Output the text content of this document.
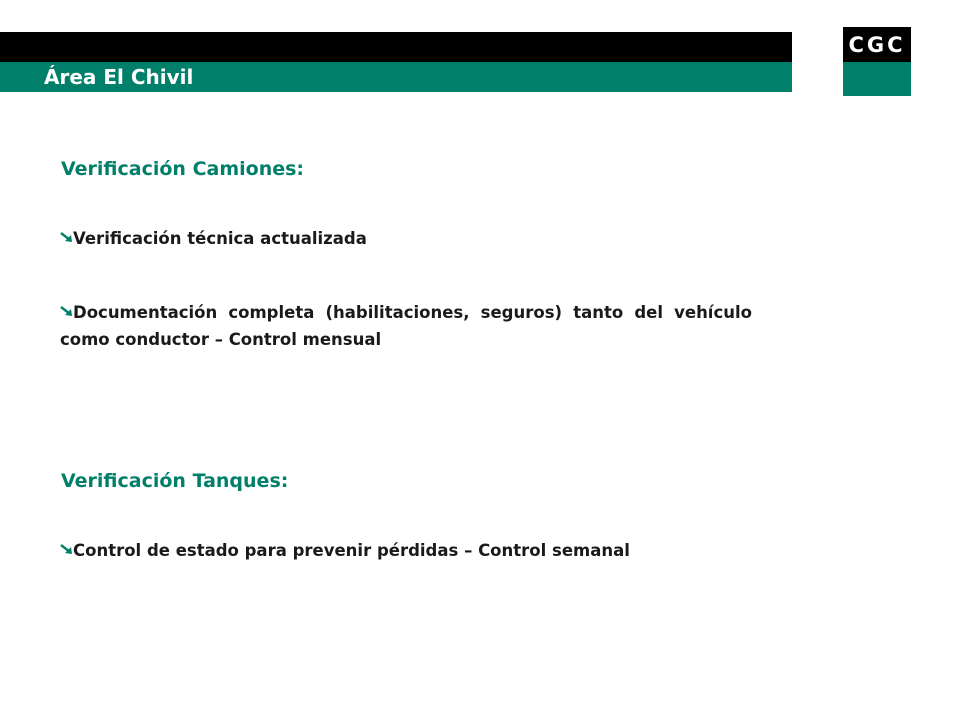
Área El Chivil
CGC
Verificación Camiones:
Verificación técnica actualizada
Documentación completa (habilitaciones, seguros) tanto del vehículo como conductor – Control mensual
Verificación Tanques:
Control de estado para prevenir pérdidas – Control semanal
